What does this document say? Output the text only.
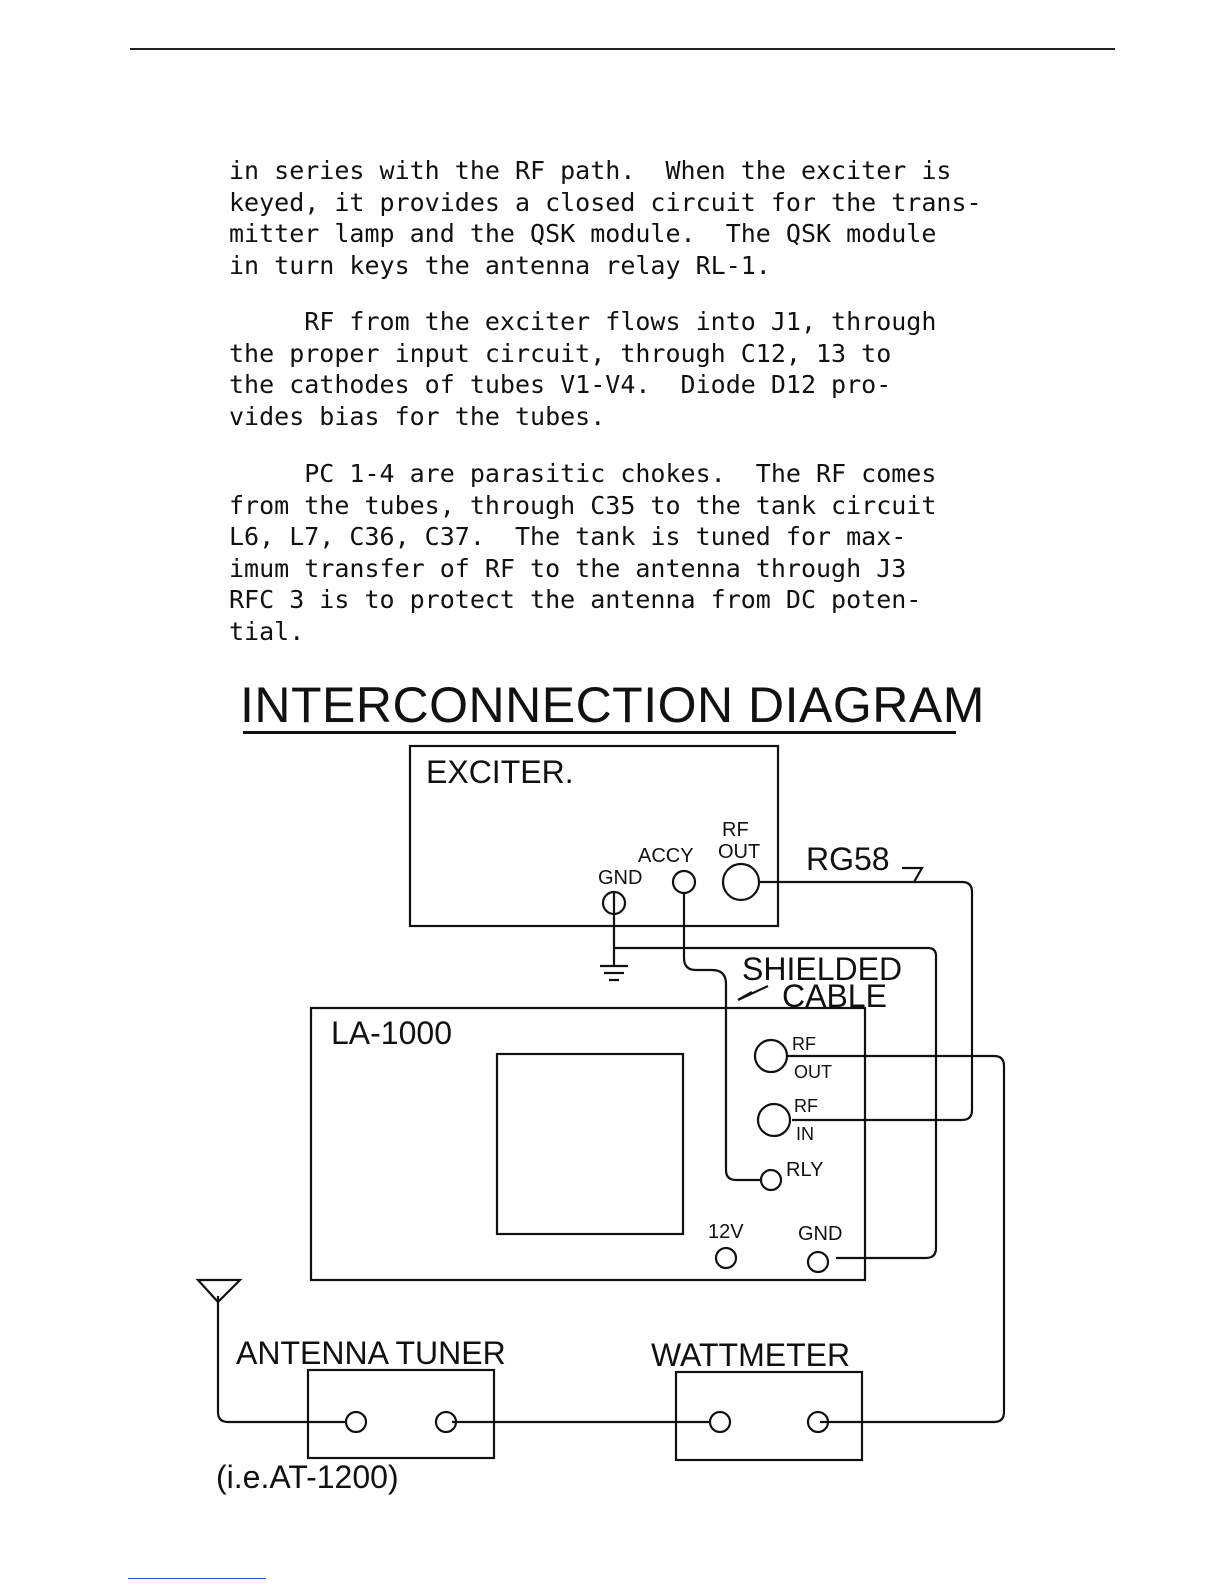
in series with the RF path.  When the exciter is
keyed, it provides a closed circuit for the trans-
mitter lamp and the QSK module.  The QSK module
in turn keys the antenna relay RL-1.

RF from the exciter flows into J1, through
the proper input circuit, through C12, 13 to
the cathodes of tubes V1-V4.  Diode D12 pro-
vides bias for the tubes.

PC 1-4 are parasitic chokes.  The RF comes
from the tubes, through C35 to the tank circuit
L6, L7, C36, C37.  The tank is tuned for max-
imum transfer of RF to the antenna through J3
RFC 3 is to protect the antenna from DC poten-
tial.

INTERCONNECTION DIAGRAM
EXCITER.
GND
ACCY
RF
OUT RG58
SHIELDED
CABLE
LA-1000	RF
OUT
RF
IN
RLY
12V	GND
WATTMETER
ANTENNA TUNER
(i.e.AT-1200)
